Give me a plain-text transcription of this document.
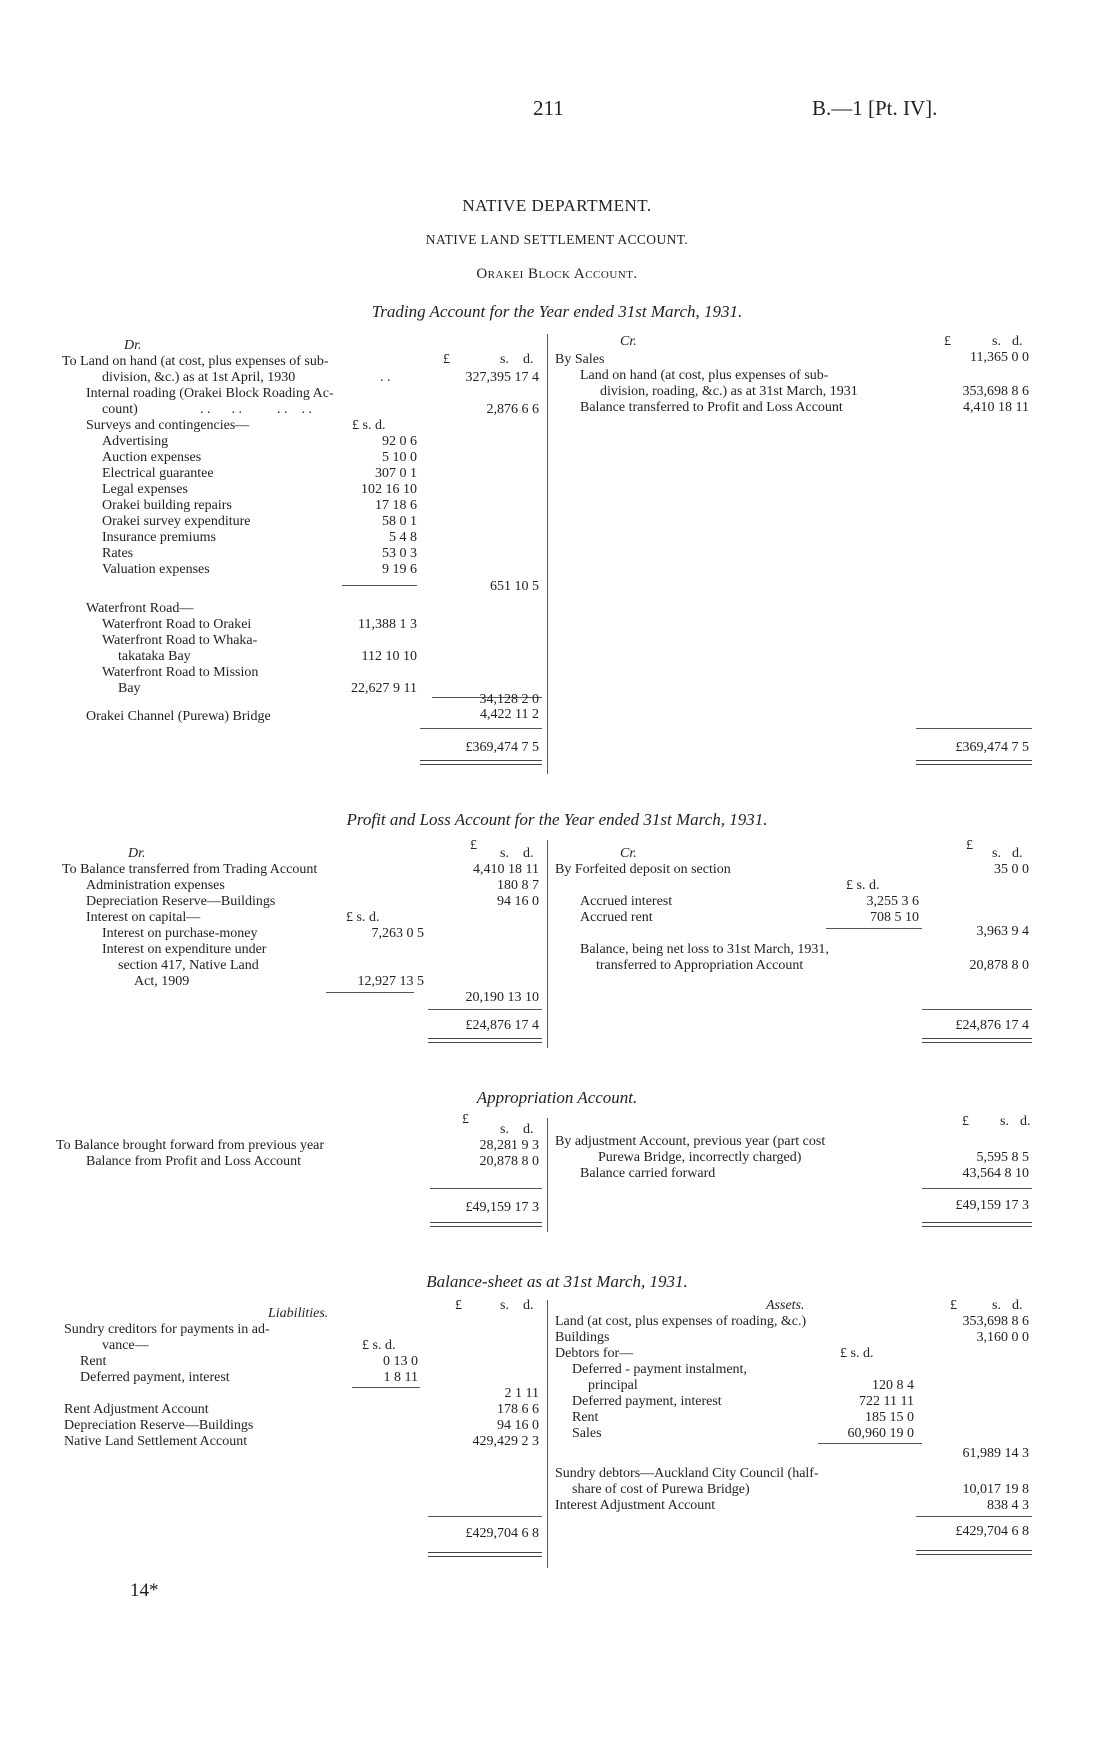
211	B.—1 [Pt. IV].
NATIVE DEPARTMENT.
NATIVE LAND SETTLEMENT ACCOUNT.
Orakei Block Account.
Trading Account for the Year ended 31st March, 1931.
Dr.
£	s. d.
To Land on hand (at cost, plus expenses of sub-
division, &c.) as at 1st April, 1930	. .	327,395 17 4
Internal roading (Orakei Block Roading Ac-
count)	. .      . .          . .    . .	2,876 6 6
Surveys and contingencies—	£ s. d.
Advertising	92 0 6
Auction expenses	5 10 0
Electrical guarantee	307 0 1
Legal expenses	102 16 10
Orakei building repairs	17 18 6
Orakei survey expenditure	58 0 1
Insurance premiums	5 4 8
Rates	53 0 3
Valuation expenses	9 19 6
651 10 5
Waterfront Road—
Waterfront Road to Orakei	11,388 1 3
Waterfront Road to Whaka-
takataka Bay	112 10 10
Waterfront Road to Mission
Bay	22,627 9 11
34,128 2 0
Orakei Channel (Purewa) Bridge	4,422 11 2
£369,474 7 5
Cr.	£	s. d.
By Sales	11,365 0 0
Land on hand (at cost, plus expenses of sub-
division, roading, &c.) as at 31st March, 1931	353,698 8 6
Balance transferred to Profit and Loss Account	4,410 18 11
£369,474 7 5
Profit and Loss Account for the Year ended 31st March, 1931.
Dr.
£
s. d.
To Balance transferred from Trading Account	4,410 18 11
Administration expenses	180 8 7
Depreciation Reserve—Buildings	94 16 0
Interest on capital—	£ s. d.
Interest on purchase-money	7,263 0 5
Interest on expenditure under
section 417, Native Land
Act, 1909	12,927 13 5
20,190 13 10
£24,876 17 4
Cr.
£
s. d.
By Forfeited deposit on section	35 0 0
£ s. d.
Accrued interest	3,255 3 6
Accrued rent	708 5 10
3,963 9 4
Balance, being net loss to 31st March, 1931,
transferred to Appropriation Account	20,878 8 0
£24,876 17 4
Appropriation Account.
£
s. d.
To Balance brought forward from previous year	28,281 9 3
Balance from Profit and Loss Account	20,878 8 0
£49,159 17 3
£ s. d.
By adjustment Account, previous year (part cost
Purewa Bridge, incorrectly charged)	5,595 8 5
Balance carried forward	43,564 8 10
£49,159 17 3
Balance-sheet as at 31st March, 1931.
Liabilities.
£	s. d.
Sundry creditors for payments in ad-
vance—	£ s. d.
Rent	0 13 0
Deferred payment, interest	1 8 11
2 1 11
Rent Adjustment Account	178 6 6
Depreciation Reserve—Buildings	94 16 0
Native Land Settlement Account	429,429 2 3
£429,704 6 8
Assets.	£	s. d.
Land (at cost, plus expenses of roading, &c.)	353,698 8 6
Buildings	3,160 0 0
Debtors for—	£ s. d.
Deferred - payment instalment,
principal	120 8 4
Deferred payment, interest	722 11 11
Rent	185 15 0
Sales	60,960 19 0
61,989 14 3
Sundry debtors—Auckland City Council (half-
share of cost of Purewa Bridge)	10,017 19 8
Interest Adjustment Account	838 4 3
£429,704 6 8
14*
